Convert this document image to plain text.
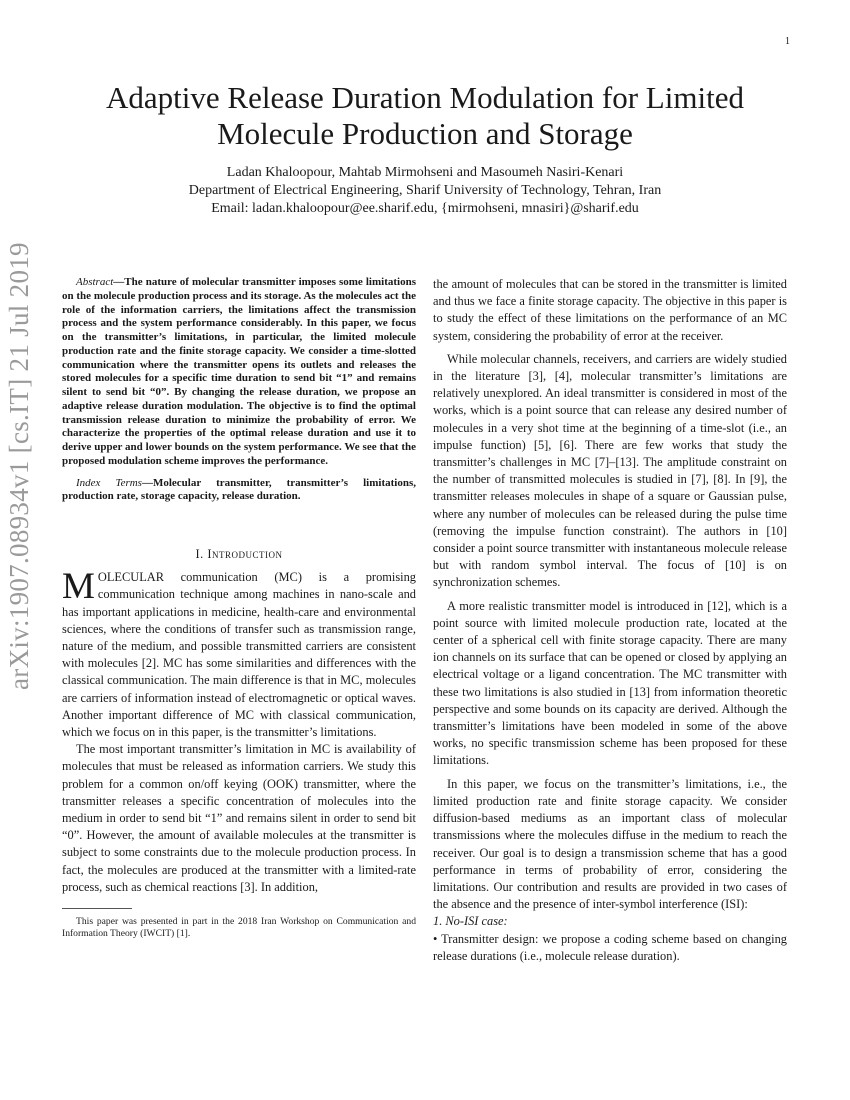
1
arXiv:1907.08934v1 [cs.IT] 21 Jul 2019
Adaptive Release Duration Modulation for Limited Molecule Production and Storage
Ladan Khaloopour, Mahtab Mirmohseni and Masoumeh Nasiri-Kenari
Department of Electrical Engineering, Sharif University of Technology, Tehran, Iran
Email: ladan.khaloopour@ee.sharif.edu, {mirmohseni, mnasiri}@sharif.edu

Abstract—The nature of molecular transmitter imposes some limitations on the molecule production process and its storage. As the molecules act the role of the information carriers, the limitations affect the transmission process and the system performance considerably. In this paper, we focus on the transmitter’s limitations, in particular, the limited molecule production rate and the finite storage capacity. We consider a time-slotted communication where the transmitter opens its outlets and releases the stored molecules for a specific time duration to send bit “1” and remains silent to send bit “0”. By changing the release duration, we propose an adaptive release duration modulation. The objective is to find the optimal transmission release duration to minimize the probability of error. We characterize the properties of the optimal release duration and use it to derive upper and lower bounds on the system performance. We see that the proposed modulation scheme improves the performance.

Index Terms—Molecular transmitter, transmitter’s limitations, production rate, storage capacity, release duration.

I. Introduction

MOLECULAR communication (MC) is a promising communication technique among machines in nano-scale and has important applications in medicine, health-care and environmental sciences, where the conditions of transfer such as transmission range, nature of the medium, and possible transmitted carriers are consistent with molecules [2]. MC has some similarities and differences with the classical communication. The main difference is that in MC, molecules are carriers of information instead of electromagnetic or optical waves. Another important difference of MC with classical communication, which we focus on in this paper, is the transmitter’s limitations.

The most important transmitter’s limitation in MC is availability of molecules that must be released as information carriers. We study this problem for a common on/off keying (OOK) transmitter, where the transmitter releases a specific concentration of molecules into the medium in order to send bit “1” and remains silent in order to send bit “0”. However, the amount of available molecules at the transmitter is subject to some constraints due to the molecule production process. In fact, the molecules are produced at the transmitter with a limited-rate process, such as chemical reactions [3]. In addition,

This paper was presented in part in the 2018 Iran Workshop on Communication and Information Theory (IWCIT) [1].

the amount of molecules that can be stored in the transmitter is limited and thus we face a finite storage capacity. The objective in this paper is to study the effect of these limitations on the performance of an MC system, considering the probability of error at the receiver.

While molecular channels, receivers, and carriers are widely studied in the literature [3], [4], molecular transmitter’s limitations are relatively unexplored. An ideal transmitter is considered in most of the works, which is a point source that can release any desired number of molecules in a very shot time at the beginning of a time-slot (i.e., an impulse function) [5], [6]. There are few works that study the transmitter’s challenges in MC [7]–[13]. The amplitude constraint on the number of transmitted molecules is studied in [7], [8]. In [9], the transmitter releases molecules in shape of a square or Gaussian pulse, where any number of molecules can be released during the pulse time (removing the impulse function constraint). The authors in [10] consider a point source transmitter with instantaneous molecule release but with random symbol interval. The focus of [10] is on synchronization schemes.

A more realistic transmitter model is introduced in [12], which is a point source with limited molecule production rate, located at the center of a spherical cell with finite storage capacity. There are many ion channels on its surface that can be opened or closed by applying an electrical voltage or a ligand concentration. The MC transmitter with these two limitations is also studied in [13] from information theoretic perspective and some bounds on its capacity are derived. Although the transmitter’s limitations have been modeled in some of the above works, no specific transmission scheme has been proposed for these limitations.

In this paper, we focus on the transmitter’s limitations, i.e., the limited production rate and finite storage capacity. We consider diffusion-based mediums as an important class of molecular transmissions where the molecules diffuse in the medium to reach the receiver. Our goal is to design a transmission scheme that has a good performance in terms of probability of error, considering the limitations. Our contribution and results are provided in two cases of the absence and the presence of inter-symbol interference (ISI):

1. No-ISI case:

• Transmitter design: we propose a coding scheme based on changing release durations (i.e., molecule release duration).
